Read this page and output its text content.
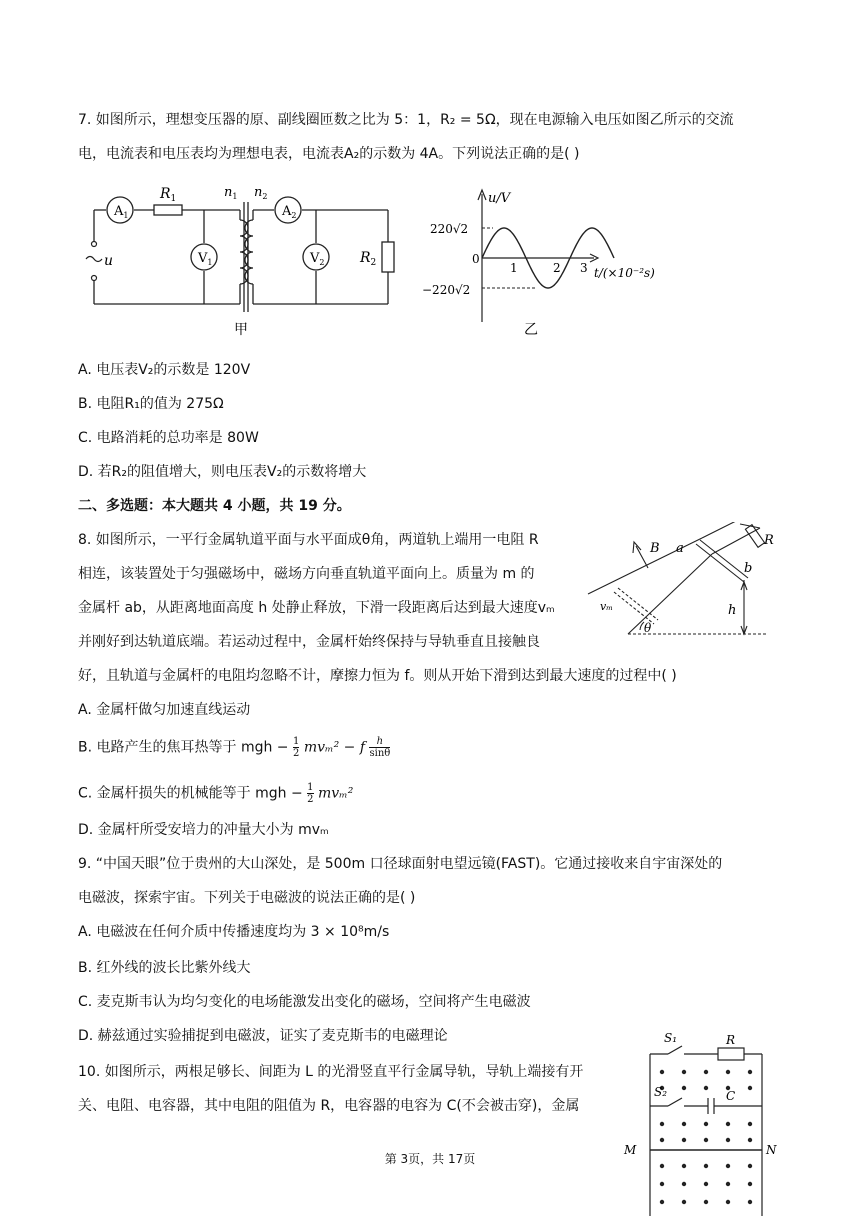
7. 如图所示，理想变压器的原、副线圈匝数之比为 5：1，R₂ = 5Ω，现在电源输入电压如图乙所示的交流
电，电流表和电压表均为理想电表，电流表A₂的示数为 4A。下列说法正确的是( )
$A_1$
$R_1$	$n_1$ $n_2$
$A_2$
$V_1$	$V_2$	$R_2$
u
甲
u/V
220√2
0
−220√2
1	2 3 t/(×10⁻²s)
乙
A. 电压表V₂的示数是 120V
B. 电阻R₁的值为 275Ω
C. 电路消耗的总功率是 80W
D. 若R₂的阻值增大，则电压表V₂的示数将增大
二、多选题：本大题共 4 小题，共 19 分。
8. 如图所示，一平行金属轨道平面与水平面成θ角，两道轨上端用一电阻 R
相连，该装置处于匀强磁场中，磁场方向垂直轨道平面向上。质量为 m 的
金属杆 ab，从距离地面高度 h 处静止释放，下滑一段距离后达到最大速度vₘ
并刚好到达轨道底端。若运动过程中，金属杆始终保持与导轨垂直且接触良
好，且轨道与金属杆的电阻均忽略不计，摩擦力恒为 f。则从开始下滑到达到最大速度的过程中( )
B a
R
b
h
vₘ
θ
A. 金属杆做匀加速直线运动
B. 电路产生的焦耳热等于 mgh − $\frac{1}{2} mv_m^2 - f \frac{h}{\sin\theta}$
C. 金属杆损失的机械能等于 mgh − $\frac{1}{2} mv_m^2$
D. 金属杆所受安培力的冲量大小为 mvₘ
9. “中国天眼”位于贵州的大山深处，是 500m 口径球面射电望远镜(FAST)。它通过接收来自宇宙深处的
电磁波，探索宇宙。下列关于电磁波的说法正确的是( )
A. 电磁波在任何介质中传播速度均为 3 × 10⁸m/s
B. 红外线的波长比紫外线大
C. 麦克斯韦认为均匀变化的电场能激发出变化的磁场，空间将产生电磁波
D. 赫兹通过实验捕捉到电磁波，证实了麦克斯韦的电磁理论
10. 如图所示，两根足够长、间距为 L 的光滑竖直平行金属导轨，导轨上端接有开
关、电阻、电容器，其中电阻的阻值为 R，电容器的电容为 C(不会被击穿)，金属
S₁	R
S₂	C
M	N
第 3页，共 17页
